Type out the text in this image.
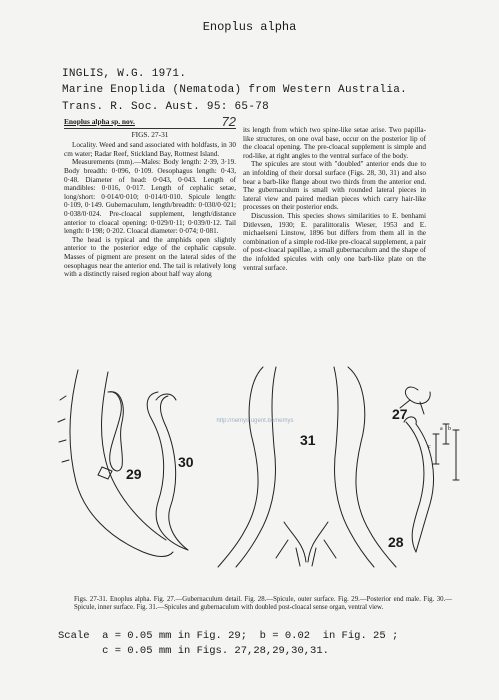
Enoplus alpha
INGLIS, W.G. 1971.
Marine Enoplida (Nematoda) from Western Australia.
Trans. R. Soc. Aust. 95: 65-78
Enoplus alpha sp. nov.	72
FIGS. 27-31

Locality. Weed and sand associated with holdfasts, in 30 cm water; Radar Reef, Stickland Bay, Rottnest Island.

Measurements (mm).—Males: Body length: 2·39, 3·19. Body breadth: 0·096, 0·109. Oesophagus length: 0·43, 0·48. Diameter of head: 0·043, 0·043. Length of mandibles: 0·016, 0·017. Length of cephalic setae, long/short: 0·014/0·010; 0·014/0·010. Spicule length: 0·109, 0·149. Gubernaculum, length/breadth: 0·030/0·021; 0·038/0·024. Pre-cloacal supplement, length/distance anterior to cloacal opening: 0·029/0·11; 0·039/0·12. Tail length: 0·198; 0·202. Cloacal diameter: 0·074; 0·081.

The head is typical and the amphids open slightly anterior to the posterior edge of the cephalic capsule. Masses of pigment are present on the lateral sides of the oesophagus near the anterior end. The tail is relatively long with a distinctly raised region about half way along

its length from which two spine-like setae arise. Two papilla-like structures, on one oval base, occur on the posterior lip of the cloacal opening. The pre-cloacal supplement is simple and rod-like, at right angles to the ventral surface of the body.

The spicules are stout with "doubled" anterior ends due to an infolding of their dorsal surface (Figs. 28, 30, 31) and also bear a barb-like flange about two thirds from the anterior end. The gubernaculum is small with rounded lateral pieces in lateral view and paired median pieces which carry hair-like processes on their posterior ends.

Discussion. This species shows similarities to E. benhami Ditlevsen, 1930; E. paralittoralis Wieser, 1953 and E. michaelseni Linstow, 1896 but differs from them all in the combination of a simple rod-like pre-cloacal supplement, a pair of post-cloacal papillae, a small gubernaculum and the shape of the infolded spicules with only one barb-like plate on the ventral surface.

29
30
31
27
28
c
a b
http://nemys.ugent.be/nemys
Figs. 27-31. Enoplus alpha. Fig. 27.—Gubernaculum detail. Fig. 28.—Spicule, outer surface. Fig. 29.—Posterior end male. Fig. 30.—Spicule, inner surface. Fig. 31.—Spicules and gubernaculum with doubled post-cloacal sense organ, ventral view.
Scale  a = 0.05 mm in Fig. 29;  b = 0.02  in Fig. 25 ;
c = 0.05 mm in Figs. 27,28,29,30,31.
